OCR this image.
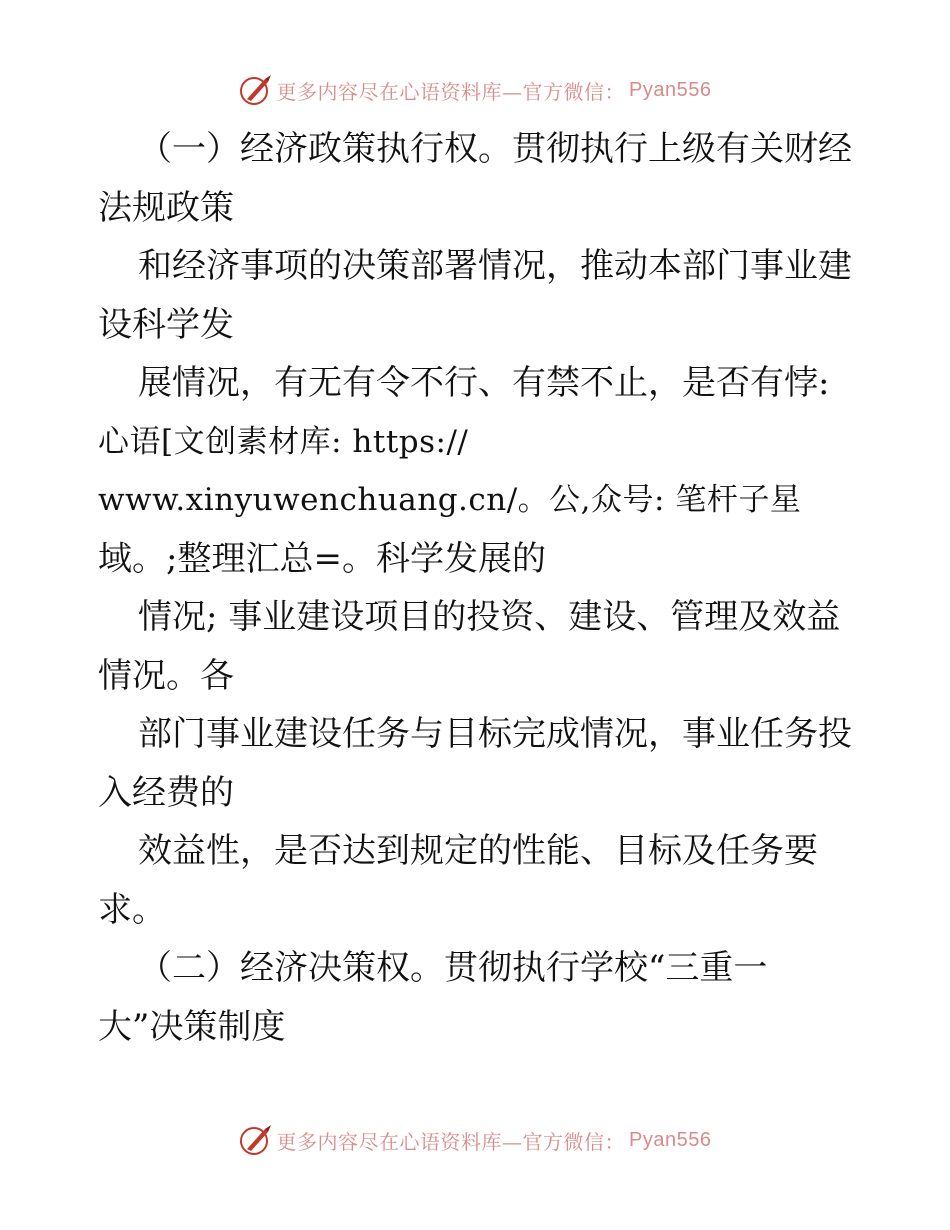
更多内容尽在心语资料库—官方微信： Pyan556
（一）经济政策执行权。贯彻执行上级有关财经
法规政策
和经济事项的决策部署情况，推动本部门事业建
设科学发
展情况，有无有令不行、有禁不止，是否有悖:
心语[文创素材库: https://
www.xinyuwenchuang.cn/。公,众号: 笔杆子星
域。;整理汇总=。科学发展的
情况; 事业建设项目的投资、建设、管理及效益
情况。各
部门事业建设任务与目标完成情况，事业任务投
入经费的
效益性，是否达到规定的性能、目标及任务要
求。
（二）经济决策权。贯彻执行学校“三重一
大”决策制度
更多内容尽在心语资料库—官方微信： Pyan556
